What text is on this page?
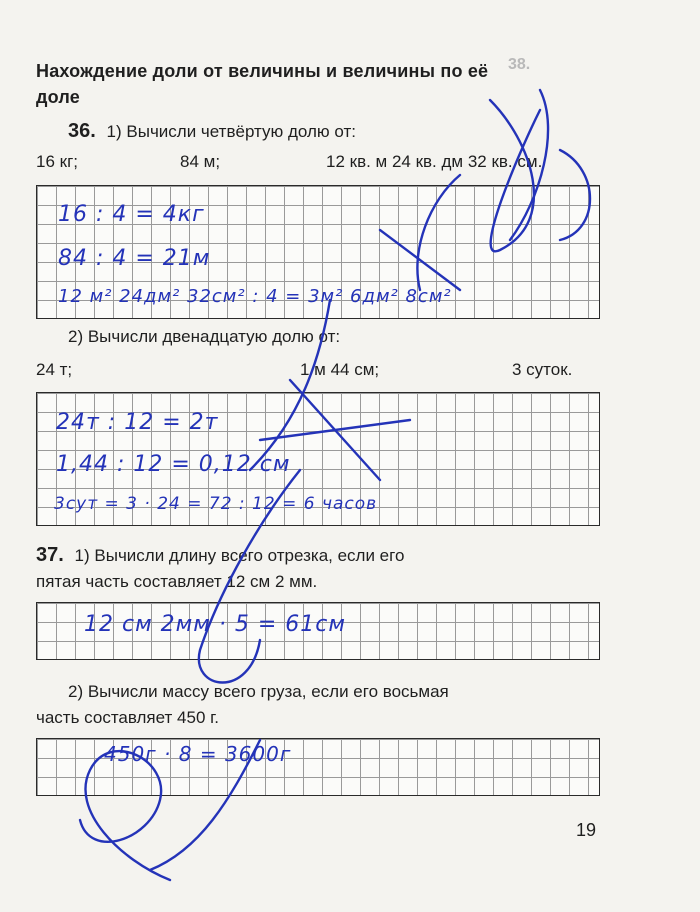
38.
Нахождение доли от величины и величины по её доле
36. 1) Вычисли четвёртую долю от:
16 кг;	84 м;	12 кв. м 24 кв. дм 32 кв. см.
16 : 4 = 4кг
84 : 4 = 21м
12 м² 24дм² 32см² : 4 = 3м² 6дм² 8см²
2) Вычисли двенадцатую долю от:
24 т;	1 м 44 см;	3 суток.
24т : 12 = 2т
1,44 : 12 = 0,12 см
3сут = 3 · 24 = 72 : 12 = 6 часов
37. 1) Вычисли длину всего отрезка, если его
пятая часть составляет 12 см 2 мм.
12 см 2мм · 5 = 61см
2) Вычисли массу всего груза, если его восьмая
часть составляет 450 г.
450г · 8 = 3600г
19
